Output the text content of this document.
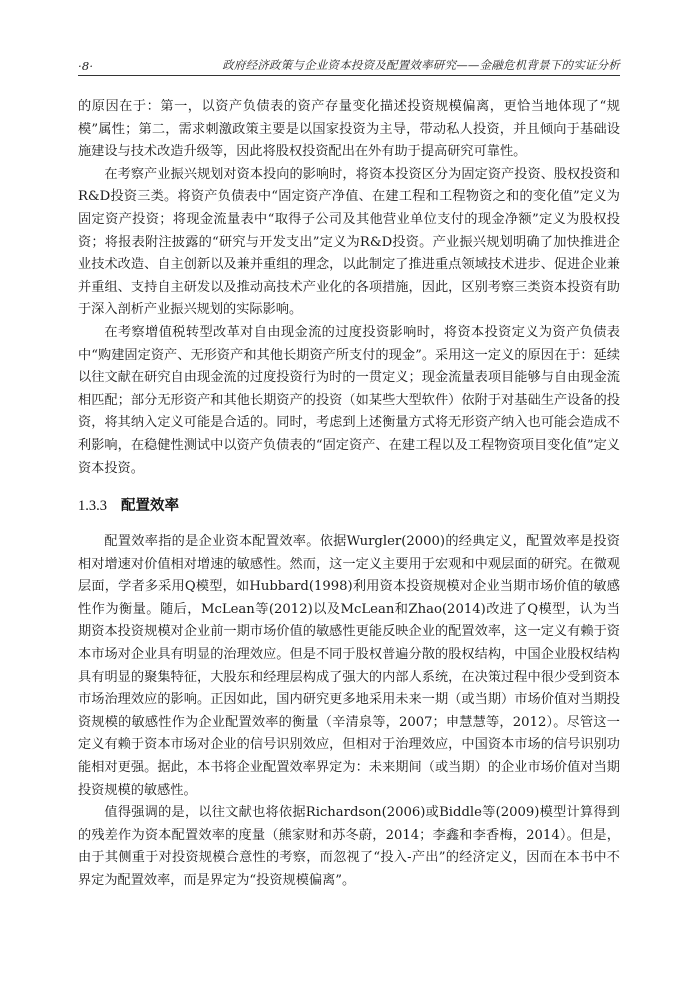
·8·	政府经济政策与企业资本投资及配置效率研究——金融危机背景下的实证分析

的原因在于：第一，以资产负债表的资产存量变化描述投资规模偏离，更恰当地体现了“规模”属性；第二，需求刺激政策主要是以国家投资为主导，带动私人投资，并且倾向于基础设施建设与技术改造升级等，因此将股权投资配出在外有助于提高研究可靠性。

在考察产业振兴规划对资本投向的影响时，将资本投资区分为固定资产投资、股权投资和R&D投资三类。将资产负债表中“固定资产净值、在建工程和工程物资之和的变化值”定义为固定资产投资；将现金流量表中“取得子公司及其他营业单位支付的现金净额”定义为股权投资；将报表附注披露的“研究与开发支出”定义为R&D投资。产业振兴规划明确了加快推进企业技术改造、自主创新以及兼并重组的理念，以此制定了推进重点领域技术进步、促进企业兼并重组、支持自主研发以及推动高技术产业化的各项措施，因此，区别考察三类资本投资有助于深入剖析产业振兴规划的实际影响。

在考察增值税转型改革对自由现金流的过度投资影响时，将资本投资定义为资产负债表中“购建固定资产、无形资产和其他长期资产所支付的现金”。采用这一定义的原因在于：延续以往文献在研究自由现金流的过度投资行为时的一贯定义；现金流量表项目能够与自由现金流相匹配；部分无形资产和其他长期资产的投资（如某些大型软件）依附于对基础生产设备的投资，将其纳入定义可能是合适的。同时，考虑到上述衡量方式将无形资产纳入也可能会造成不利影响，在稳健性测试中以资产负债表的“固定资产、在建工程以及工程物资项目变化值”定义资本投资。

1.3.3 配置效率

配置效率指的是企业资本配置效率。依据Wurgler(2000)的经典定义，配置效率是投资相对增速对价值相对增速的敏感性。然而，这一定义主要用于宏观和中观层面的研究。在微观层面，学者多采用Q模型，如Hubbard(1998)利用资本投资规模对企业当期市场价值的敏感性作为衡量。随后，McLean等(2012)以及McLean和Zhao(2014)改进了Q模型，认为当期资本投资规模对企业前一期市场价值的敏感性更能反映企业的配置效率，这一定义有赖于资本市场对企业具有明显的治理效应。但是不同于股权普遍分散的股权结构，中国企业股权结构具有明显的聚集特征，大股东和经理层构成了强大的内部人系统，在决策过程中很少受到资本市场治理效应的影响。正因如此，国内研究更多地采用未来一期（或当期）市场价值对当期投资规模的敏感性作为企业配置效率的衡量（辛清泉等，2007；申慧慧等，2012）。尽管这一定义有赖于资本市场对企业的信号识别效应，但相对于治理效应，中国资本市场的信号识别功能相对更强。据此，本书将企业配置效率界定为：未来期间（或当期）的企业市场价值对当期投资规模的敏感性。

值得强调的是，以往文献也将依据Richardson(2006)或Biddle等(2009)模型计算得到的残差作为资本配置效率的度量（熊家财和苏冬蔚，2014；李鑫和李香梅，2014）。但是，由于其侧重于对投资规模合意性的考察，而忽视了“投入-产出”的经济定义，因而在本书中不界定为配置效率，而是界定为“投资规模偏离”。
